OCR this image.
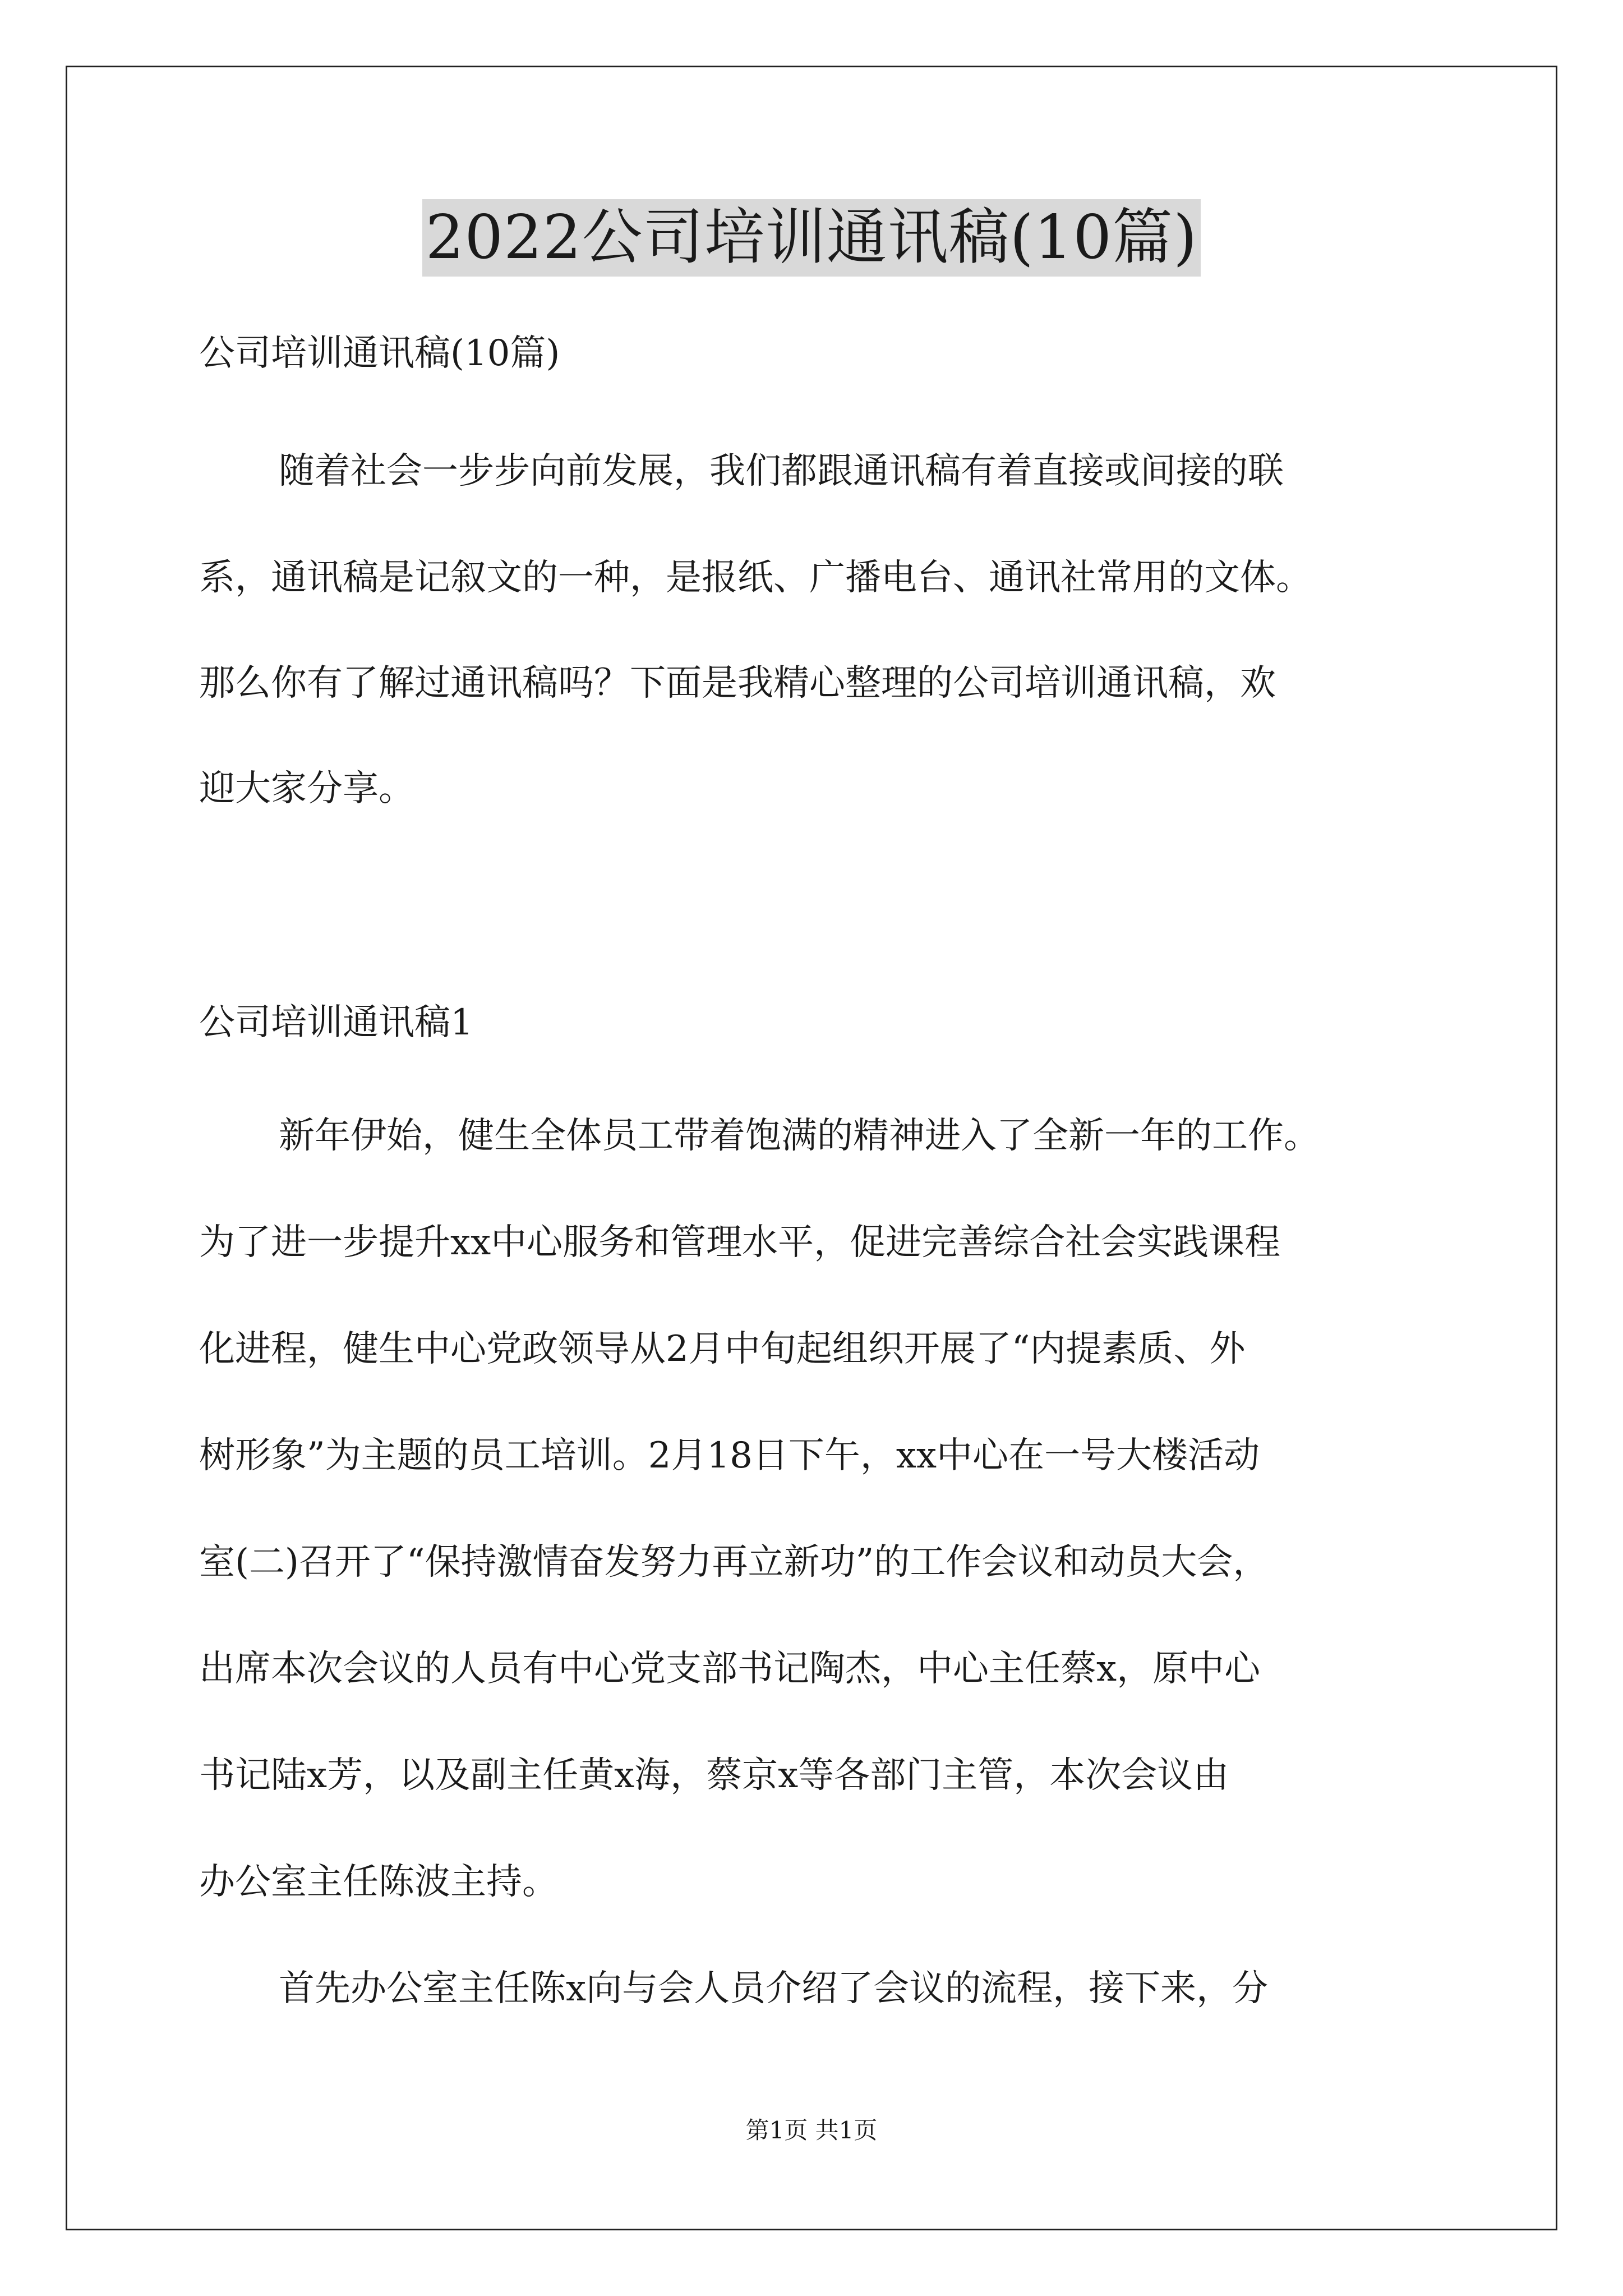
2022公司培训通讯稿(10篇)
公司培训通讯稿(10篇)
随着社会一步步向前发展，我们都跟通讯稿有着直接或间接的联
系，通讯稿是记叙文的一种，是报纸、广播电台、通讯社常用的文体。
那么你有了解过通讯稿吗？下面是我精心整理的公司培训通讯稿，欢
迎大家分享。
公司培训通讯稿1
新年伊始，健生全体员工带着饱满的精神进入了全新一年的工作。
为了进一步提升xx中心服务和管理水平，促进完善综合社会实践课程
化进程，健生中心党政领导从2月中旬起组织开展了“内提素质、外
树形象”为主题的员工培训。2月18日下午，xx中心在一号大楼活动
室(二)召开了“保持激情奋发努力再立新功”的工作会议和动员大会，
出席本次会议的人员有中心党支部书记陶杰，中心主任蔡x，原中心
书记陆x芳，以及副主任黄x海，蔡京x等各部门主管，本次会议由
办公室主任陈波主持。
首先办公室主任陈x向与会人员介绍了会议的流程，接下来，分
第1页 共1页
